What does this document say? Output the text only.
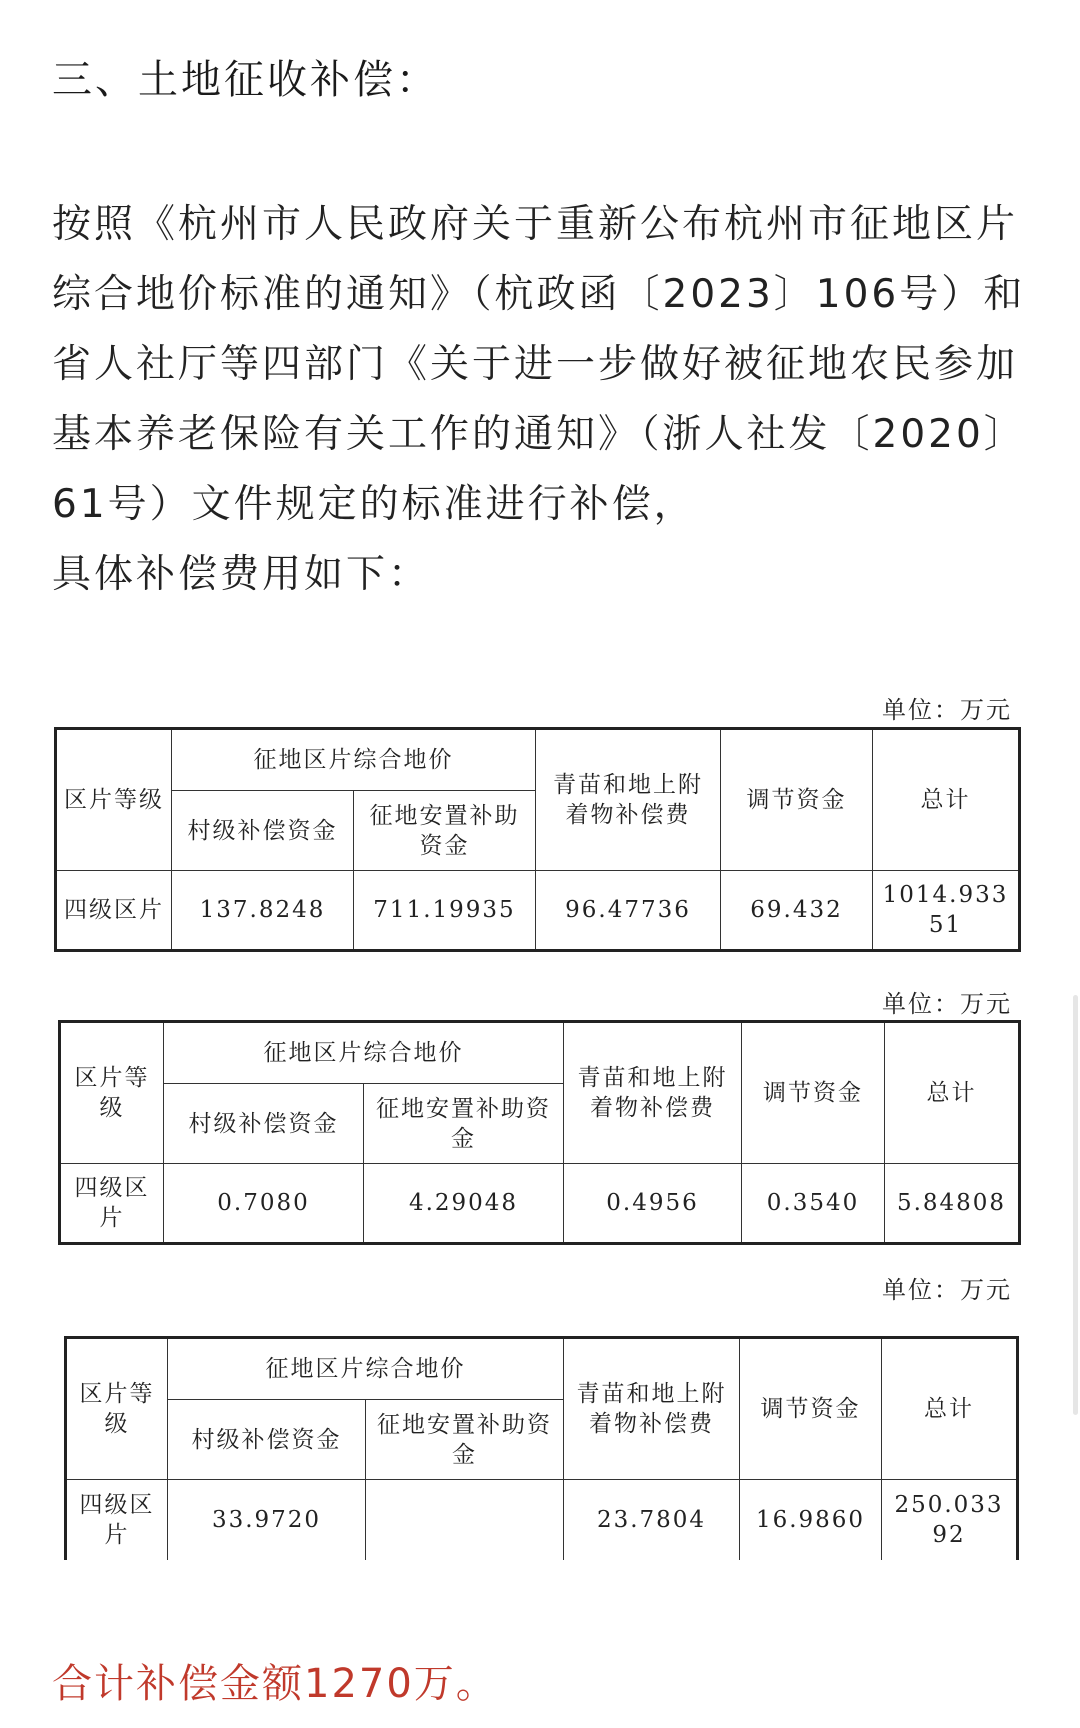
三、土地征收补偿：
按照《杭州市人民政府关于重新公布杭州市征地区片
综合地价标准的通知》（杭政函〔2023〕106号）和
省人社厅等四部门《关于进一步做好被征地农民参加
基本养老保险有关工作的通知》（浙人社发〔2020〕
61号）文件规定的标准进行补偿，
具体补偿费用如下：
单位：万元
区片等级	征地区片综合地价		青苗和地上附着物补偿费	调节资金	总计
	村级补偿资金	征地安置补助资金			
四级区片	137.8248	711.19935	96.47736	69.432	1014.93351
单位：万元
区片等级	征地区片综合地价		青苗和地上附着物补偿费	调节资金	总计
	村级补偿资金	征地安置补助资金			
四级区片	0.7080	4.29048	0.4956	0.3540	5.84808
单位：万元
区片等级	征地区片综合地价		青苗和地上附着物补偿费	调节资金	总计
	村级补偿资金	征地安置补助资金			
四级区片	33.9720		23.7804	16.9860	250.03392
合计补偿金额1270万。
